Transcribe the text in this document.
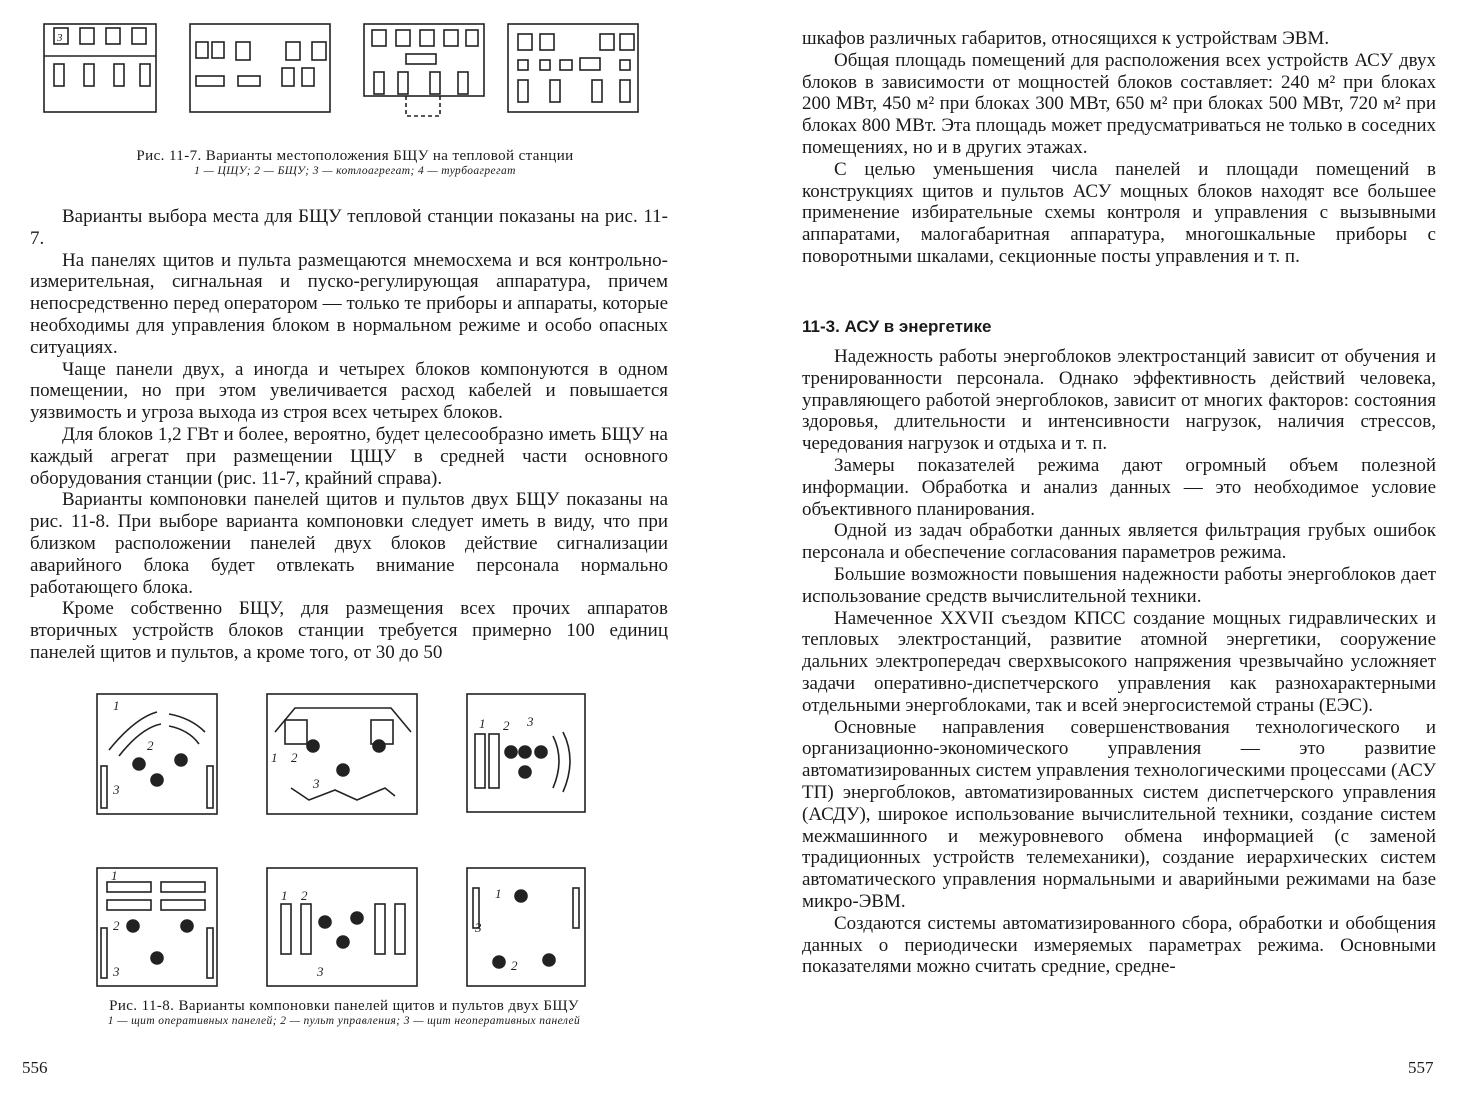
3
Рис. 11-7. Варианты местоположения БЩУ на тепловой станции
1 — ЦЩУ; 2 — БЩУ; 3 — котлоагрегат; 4 — турбоагрегат

Варианты выбора места для БЩУ тепловой станции показаны на рис. 11-7.

На панелях щитов и пульта размещаются мнемосхема и вся контрольно-измерительная, сигнальная и пуско-регулирующая аппаратура, причем непосредственно перед оператором — только те приборы и аппараты, которые необходимы для управления блоком в нормальном режиме и особо опасных ситуациях.

Чаще панели двух, а иногда и четырех блоков компонуются в одном помещении, но при этом увеличивается расход кабелей и повышается уязвимость и угроза выхода из строя всех четырех блоков.

Для блоков 1,2 ГВт и более, вероятно, будет целесообразно иметь БЩУ на каждый агрегат при размещении ЦЩУ в средней части основного оборудования станции (рис. 11-7, крайний справа).

Варианты компоновки панелей щитов и пультов двух БЩУ показаны на рис. 11-8. При выборе варианта компоновки следует иметь в виду, что при близком расположении панелей двух блоков действие сигнализации аварийного блока будет отвлекать внимание персонала нормально работающего блока.

Кроме собственно БЩУ, для размещения всех прочих аппаратов вторичных устройств блоков станции требуется примерно 100 единиц панелей щитов и пультов, а кроме того, от 30 до 50

1
2
3
1 2
3
1 2 3
1
2
3
1 2
3
1
2
3
Рис. 11-8. Варианты компоновки панелей щитов и пультов двух БЩУ
1 — щит оперативных панелей; 2 — пульт управления; 3 — щит неоперативных панелей
556

шкафов различных габаритов, относящихся к устройствам ЭВМ.

Общая площадь помещений для расположения всех устройств АСУ двух блоков в зависимости от мощностей блоков составляет: 240 м² при блоках 200 МВт, 450 м² при блоках 300 МВт, 650 м² при блоках 500 МВт, 720 м² при блоках 800 МВт. Эта площадь может предусматриваться не только в соседних помещениях, но и в других этажах.

С целью уменьшения числа панелей и площади помещений в конструкциях щитов и пультов АСУ мощных блоков находят все большее применение избирательные схемы контроля и управления с вызывными аппаратами, малогабаритная аппаратура, многошкальные приборы с поворотными шкалами, секционные посты управления и т. п.

11-3. АСУ в энергетике

Надежность работы энергоблоков электростанций зависит от обучения и тренированности персонала. Однако эффективность действий человека, управляющего работой энергоблоков, зависит от многих факторов: состояния здоровья, длительности и интенсивности нагрузок, наличия стрессов, чередования нагрузок и отдыха и т. п.

Замеры показателей режима дают огромный объем полезной информации. Обработка и анализ данных — это необходимое условие объективного планирования.

Одной из задач обработки данных является фильтрация грубых ошибок персонала и обеспечение согласования параметров режима.

Большие возможности повышения надежности работы энергоблоков дает использование средств вычислительной техники.

Намеченное XXVII съездом КПСС создание мощных гидравлических и тепловых электростанций, развитие атомной энергетики, сооружение дальних электропередач сверхвысокого напряжения чрезвычайно усложняет задачи оперативно-диспетчерского управления как разнохарактерными отдельными энергоблоками, так и всей энергосистемой страны (ЕЭС).

Основные направления совершенствования технологического и организационно-экономического управления — это развитие автоматизированных систем управления технологическими процессами (АСУ ТП) энергоблоков, автоматизированных систем диспетчерского управления (АСДУ), широкое использование вычислительной техники, создание систем межмашинного и межуровневого обмена информацией (с заменой традиционных устройств телемеханики), создание иерархических систем автоматического управления нормальными и аварийными режимами на базе микро-ЭВМ.

Создаются системы автоматизированного сбора, обработки и обобщения данных о периодически измеряемых параметрах режима. Основными показателями можно считать средние, средне-

557
